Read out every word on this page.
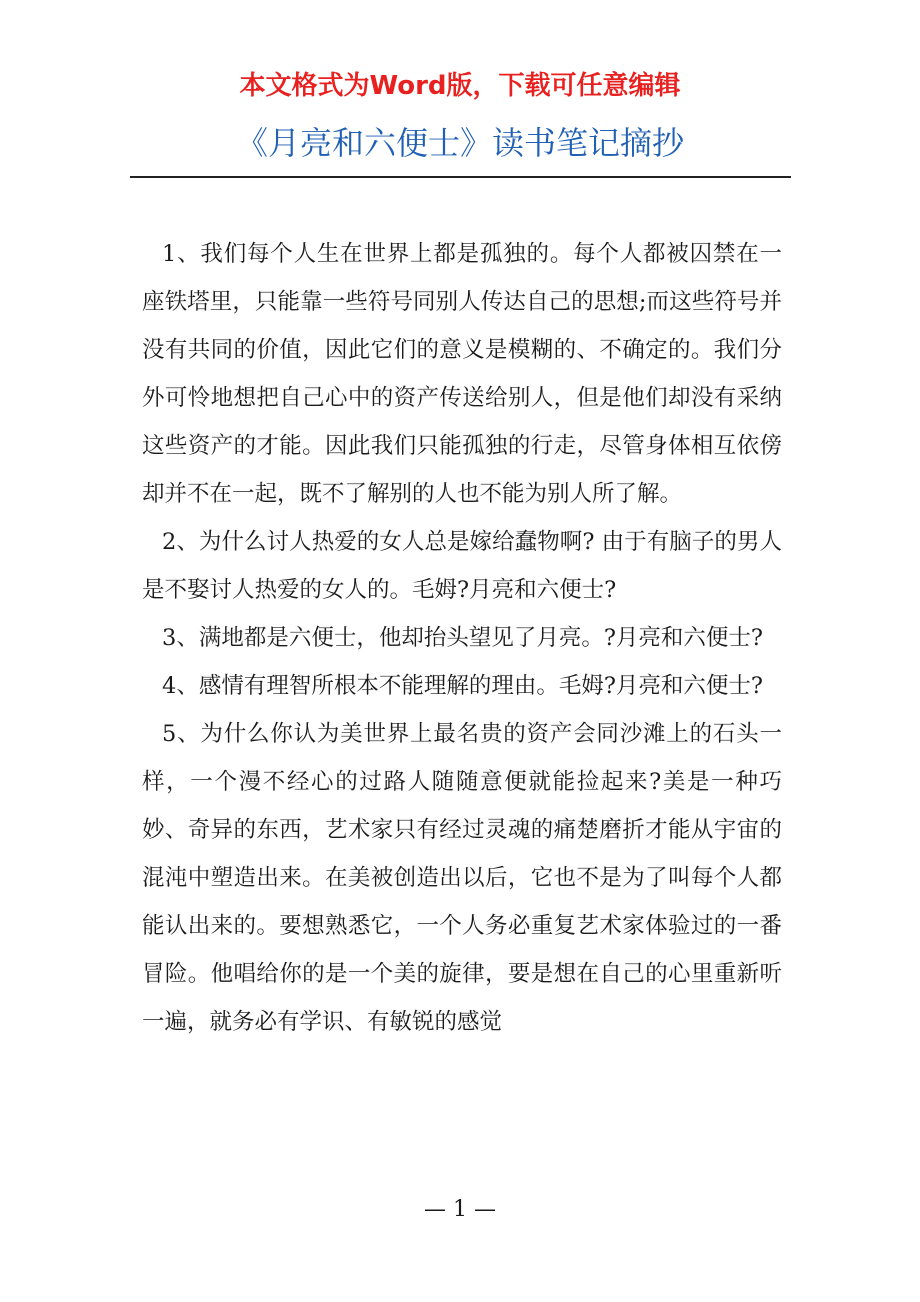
本文格式为Word版，下载可任意编辑
《月亮和六便士》读书笔记摘抄

1、我们每个人生在世界上都是孤独的。每个人都被囚禁在一座铁塔里，只能靠一些符号同别人传达自己的思想;而这些符号并没有共同的价值，因此它们的意义是模糊的、不确定的。我们分外可怜地想把自己心中的资产传送给别人，但是他们却没有采纳这些资产的才能。因此我们只能孤独的行走，尽管身体相互依傍却并不在一起，既不了解别的人也不能为别人所了解。

2、为什么讨人热爱的女人总是嫁给蠢物啊? 由于有脑子的男人是不娶讨人热爱的女人的。毛姆?月亮和六便士?

3、满地都是六便士，他却抬头望见了月亮。?月亮和六便士?

4、感情有理智所根本不能理解的理由。毛姆?月亮和六便士?

5、为什么你认为美世界上最名贵的资产会同沙滩上的石头一样，一个漫不经心的过路人随随意便就能捡起来?美是一种巧妙、奇异的东西，艺术家只有经过灵魂的痛楚磨折才能从宇宙的混沌中塑造出来。在美被创造出以后，它也不是为了叫每个人都能认出来的。要想熟悉它，一个人务必重复艺术家体验过的一番冒险。他唱给你的是一个美的旋律，要是想在自己的心里重新听一遍，就务必有学识、有敏锐的感觉

— 1 —
